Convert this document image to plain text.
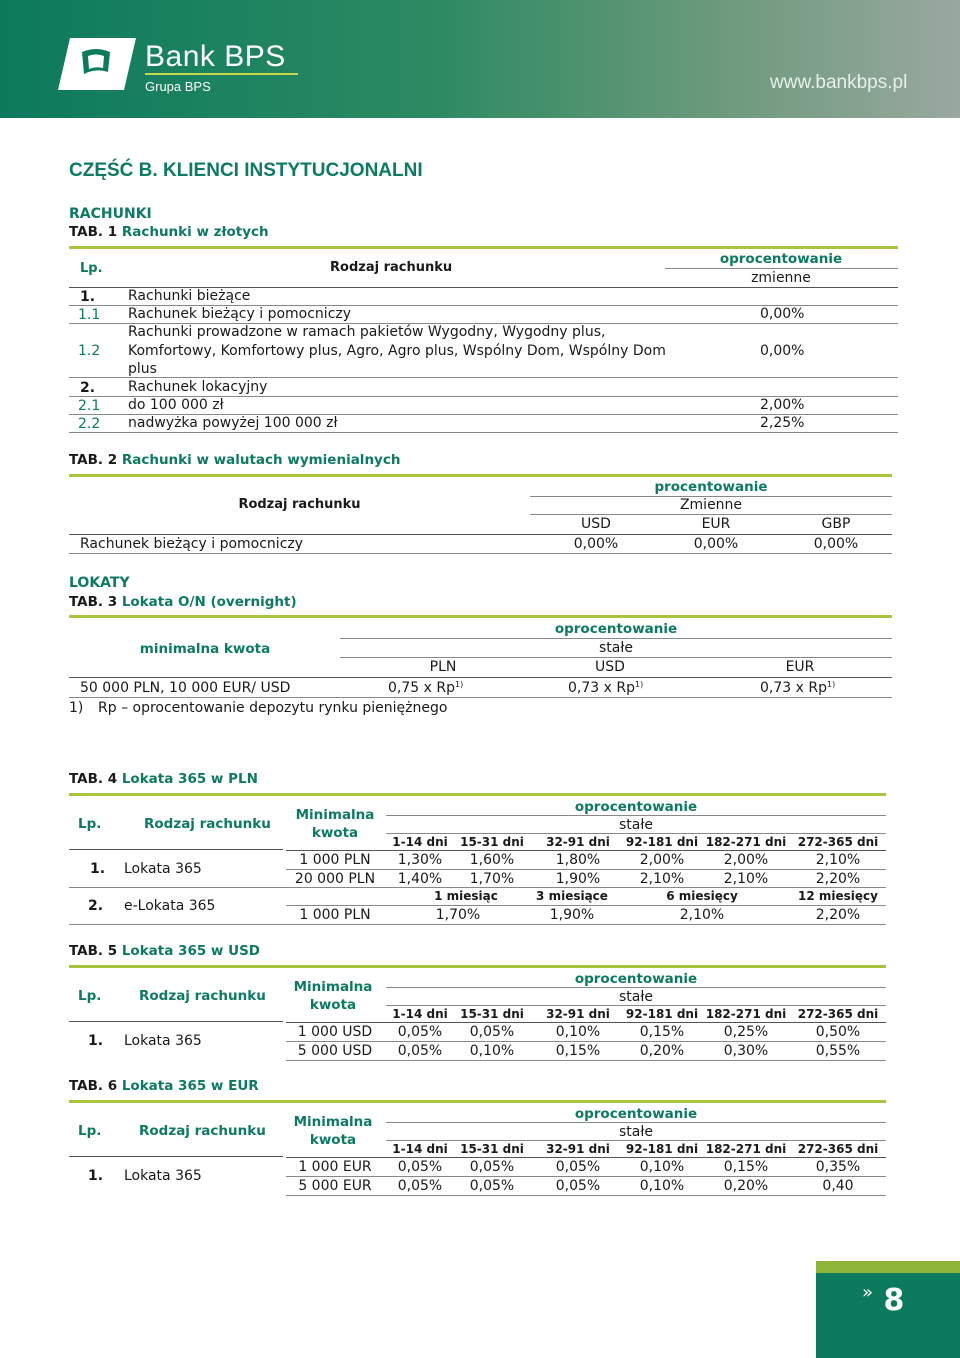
Bank BPS
Grupa BPS	www.bankbps.pl
CZĘŚĆ B. KLIENCI INSTYTUCJONALNI
RACHUNKI
TAB. 1 Rachunki w złotych
Lp.	Rodzaj rachunku
oprocentowanie
zmienne
1. Rachunki bieżące
1.1 Rachunek bieżący i pomocniczy	0,00%
Rachunki prowadzone w ramach pakietów Wygodny, Wygodny plus,
1.2 Komfortowy, Komfortowy plus, Agro, Agro plus, Wspólny Dom, Wspólny Dom	0,00%
plus
2. Rachunek lokacyjny
2.1 do 100 000 zł	2,00%
2.2 nadwyżka powyżej 100 000 zł	2,25%
TAB. 2 Rachunki w walutach wymienialnych
procentowanie
Rodzaj rachunku	Zmienne
USD	EUR	GBP
Rachunek bieżący i pomocniczy	0,00%	0,00%	0,00%
LOKATY
TAB. 3 Lokata O/N (overnight)
oprocentowanie
minimalna kwota	stałe
PLN	USD	EUR
50 000 PLN, 10 000 EUR/ USD	0,75 x Rp$^{1)}$	0,73 x Rp$^{1)}$	0,73 x Rp$^{1)}$
1) Rp – oprocentowanie depozytu rynku pieniężnego
TAB. 4 Lokata 365 w PLN
Lp.	Rodzaj rachunku
Minimalna
kwota
oprocentowanie
stałe
1-14 dni	15-31 dni	32-91 dni	92-181 dni 182-271 dni 272-365 dni
1. Lokata 365
1 000 PLN	1,30%	1,60%	1,80%	2,00%	2,00%	2,10%
20 000 PLN	1,40%	1,70%	1,90%	2,10%	2,10%	2,20%
2. e-Lokata 365
1 miesiąc	3 miesiące	6 miesięcy	12 miesięcy
1 000 PLN	1,70%	1,90%	2,10%	2,20%
TAB. 5 Lokata 365 w USD
Lp.	Rodzaj rachunku
Minimalna
kwota
oprocentowanie
stałe
1-14 dni	15-31 dni	32-91 dni	92-181 dni 182-271 dni 272-365 dni
1. Lokata 365
1 000 USD	0,05%	0,05%	0,10%	0,15%	0,25%	0,50%
5 000 USD	0,05%	0,10%	0,15%	0,20%	0,30%	0,55%
TAB. 6 Lokata 365 w EUR
Lp.	Rodzaj rachunku
Minimalna
kwota
oprocentowanie
stałe
1-14 dni	15-31 dni	32-91 dni	92-181 dni 182-271 dni 272-365 dni
1. Lokata 365
1 000 EUR	0,05%	0,05%	0,05%	0,10%	0,15%	0,35%
5 000 EUR	0,05%	0,05%	0,05%	0,10%	0,20%	0,40
» 8
